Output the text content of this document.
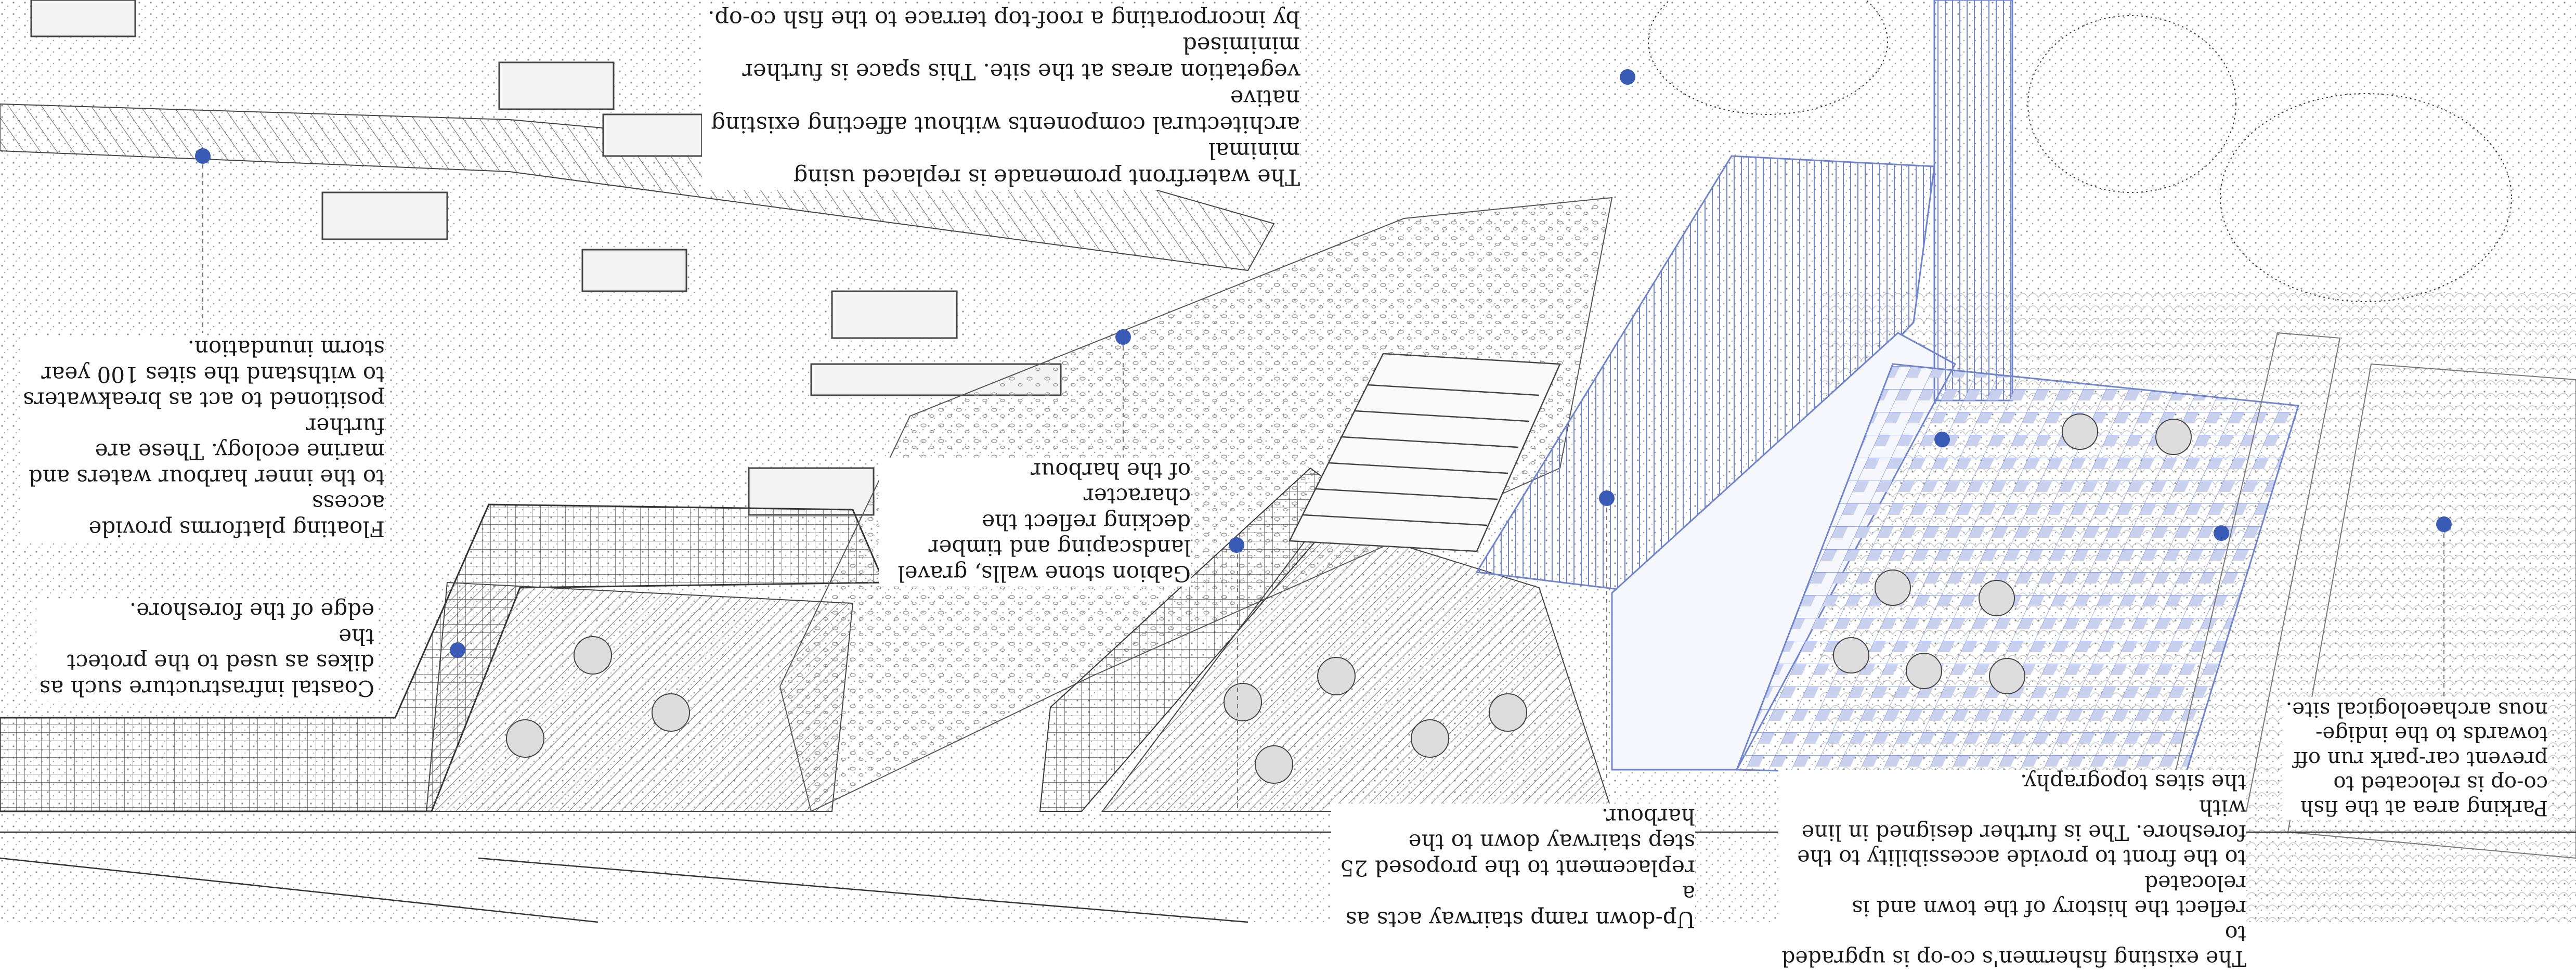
The waterfront promenade is replaced using minimal
architectural components without affecting existing native
vegetation areas at the site. This space is further minimised
by incorporating a roof-top terrace to the fish co-op.
Floating platforms provide access
to the inner harbour waters and
marine ecology. These are further
positioned to act as breakwaters
to withstand the sites 100 year
storm inundation.
Coastal infrastructure such as
dikes as used to the protect the
edge of the foreshore.
Gabion stone walls, gravel
landscaping and timber
decking reflect the character
of the harbour
Up-down ramp stairway acts as a
replacement to the proposed 25
step stairway down to the harbour.
The existing fishermen's co-op is upgraded to
reflect the history of the town and is relocated
to the front to provide accessibility to the
foreshore. The is further designed in line with
the sites topography.
Parking area at the fish
co-op is relocated to
prevent car-park run off
towards to the indige-
nous archaeological site.
